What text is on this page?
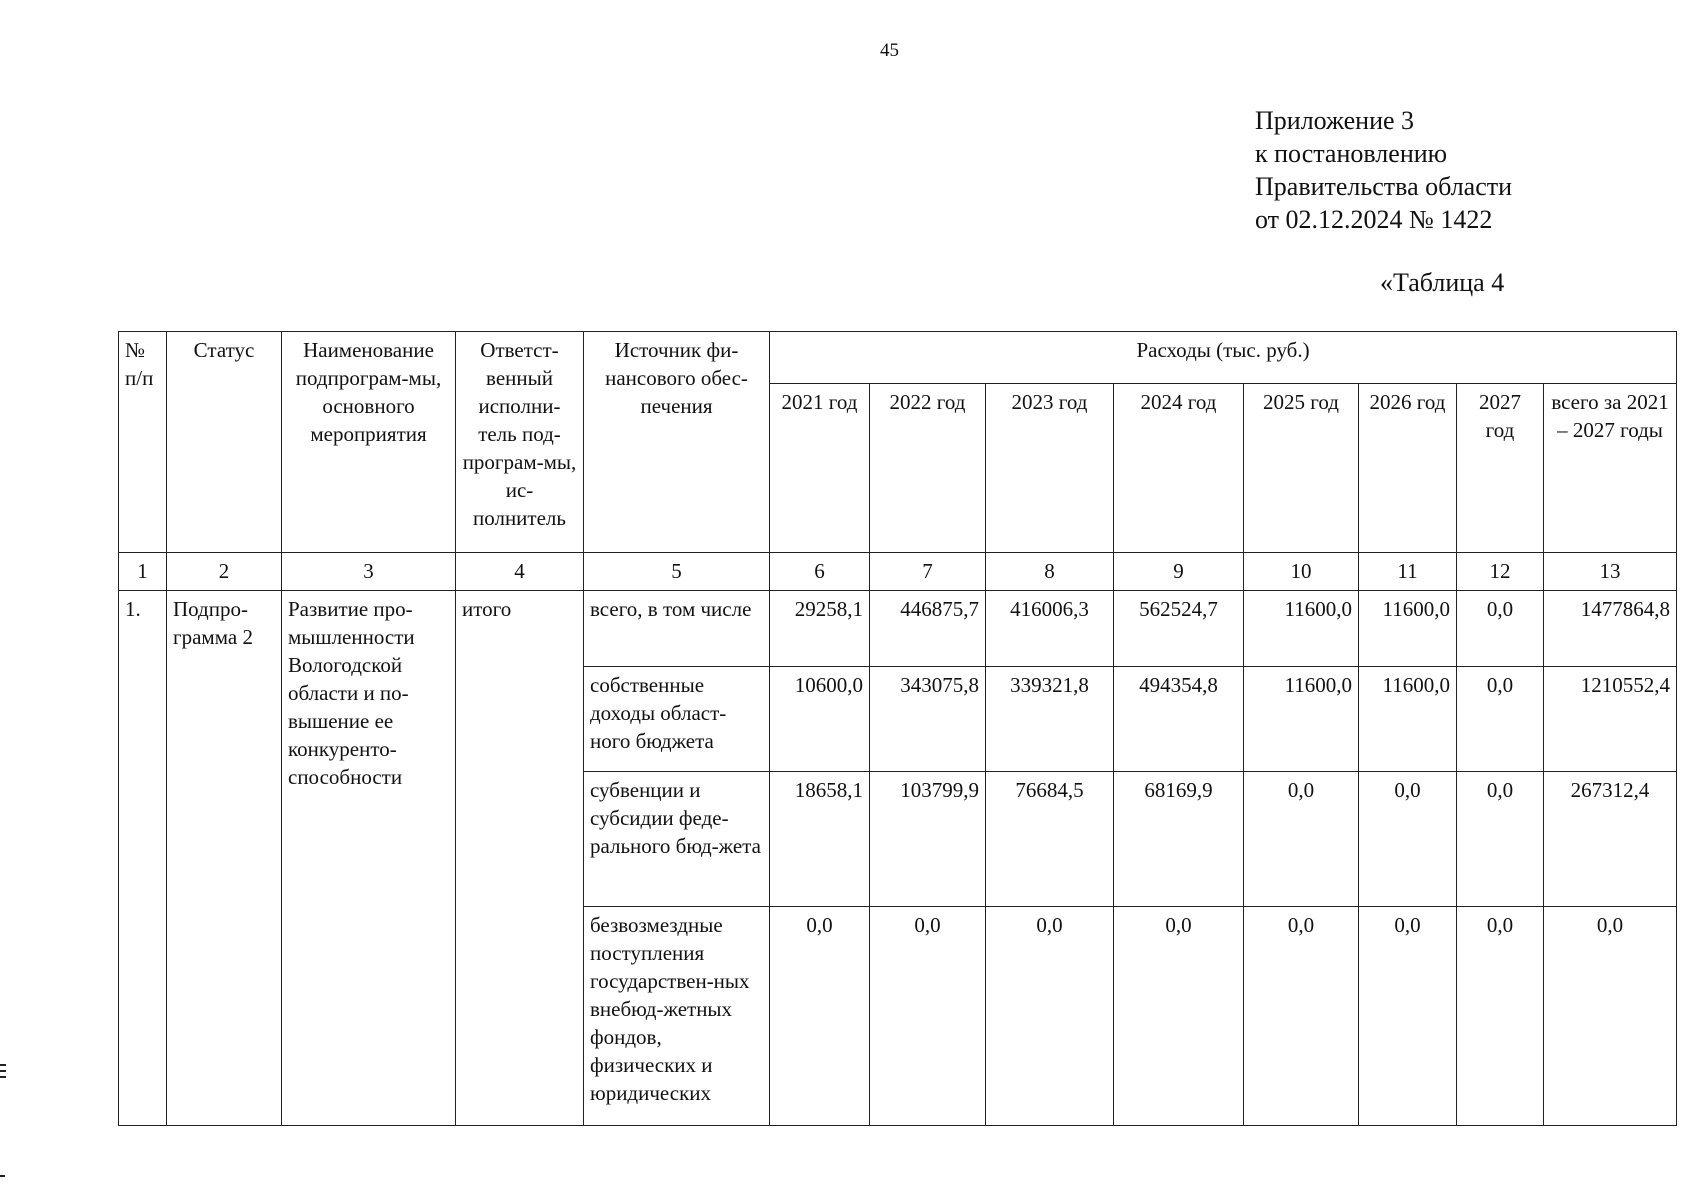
45
Приложение 3
к постановлению
Правительства области
от 02.12.2024 № 1422
«Таблица 4
№ п/п	Статус	Наименование подпрограм-мы, основного мероприятия	Ответст-венный исполни-тель под-програм-мы, ис-полнитель	Источник фи-нансового обес-печения	Расходы (тыс. руб.)							
					2021 год	2022 год	2023 год	2024 год	2025 год	2026 год	2027 год	всего за 2021 – 2027 годы
1	2	3	4	5	6	7	8	9	10	11	12	13
1.	Подпро-грамма 2	Развитие про-мышленности Вологодской области и по-вышение ее конкуренто-способности	итого	всего, в том числе	29258,1	446875,7	416006,3	562524,7	11600,0	11600,0	0,0	1477864,8
				собственные доходы област-ного бюджета	10600,0	343075,8	339321,8	494354,8	11600,0	11600,0	0,0	1210552,4
				субвенции и субсидии феде-рального бюд-жета	18658,1	103799,9	76684,5	68169,9	0,0	0,0	0,0	267312,4
				безвозмездные поступления государствен-ных внебюд-жетных фондов, физических и юридических	0,0	0,0	0,0	0,0	0,0	0,0	0,0	0,0
